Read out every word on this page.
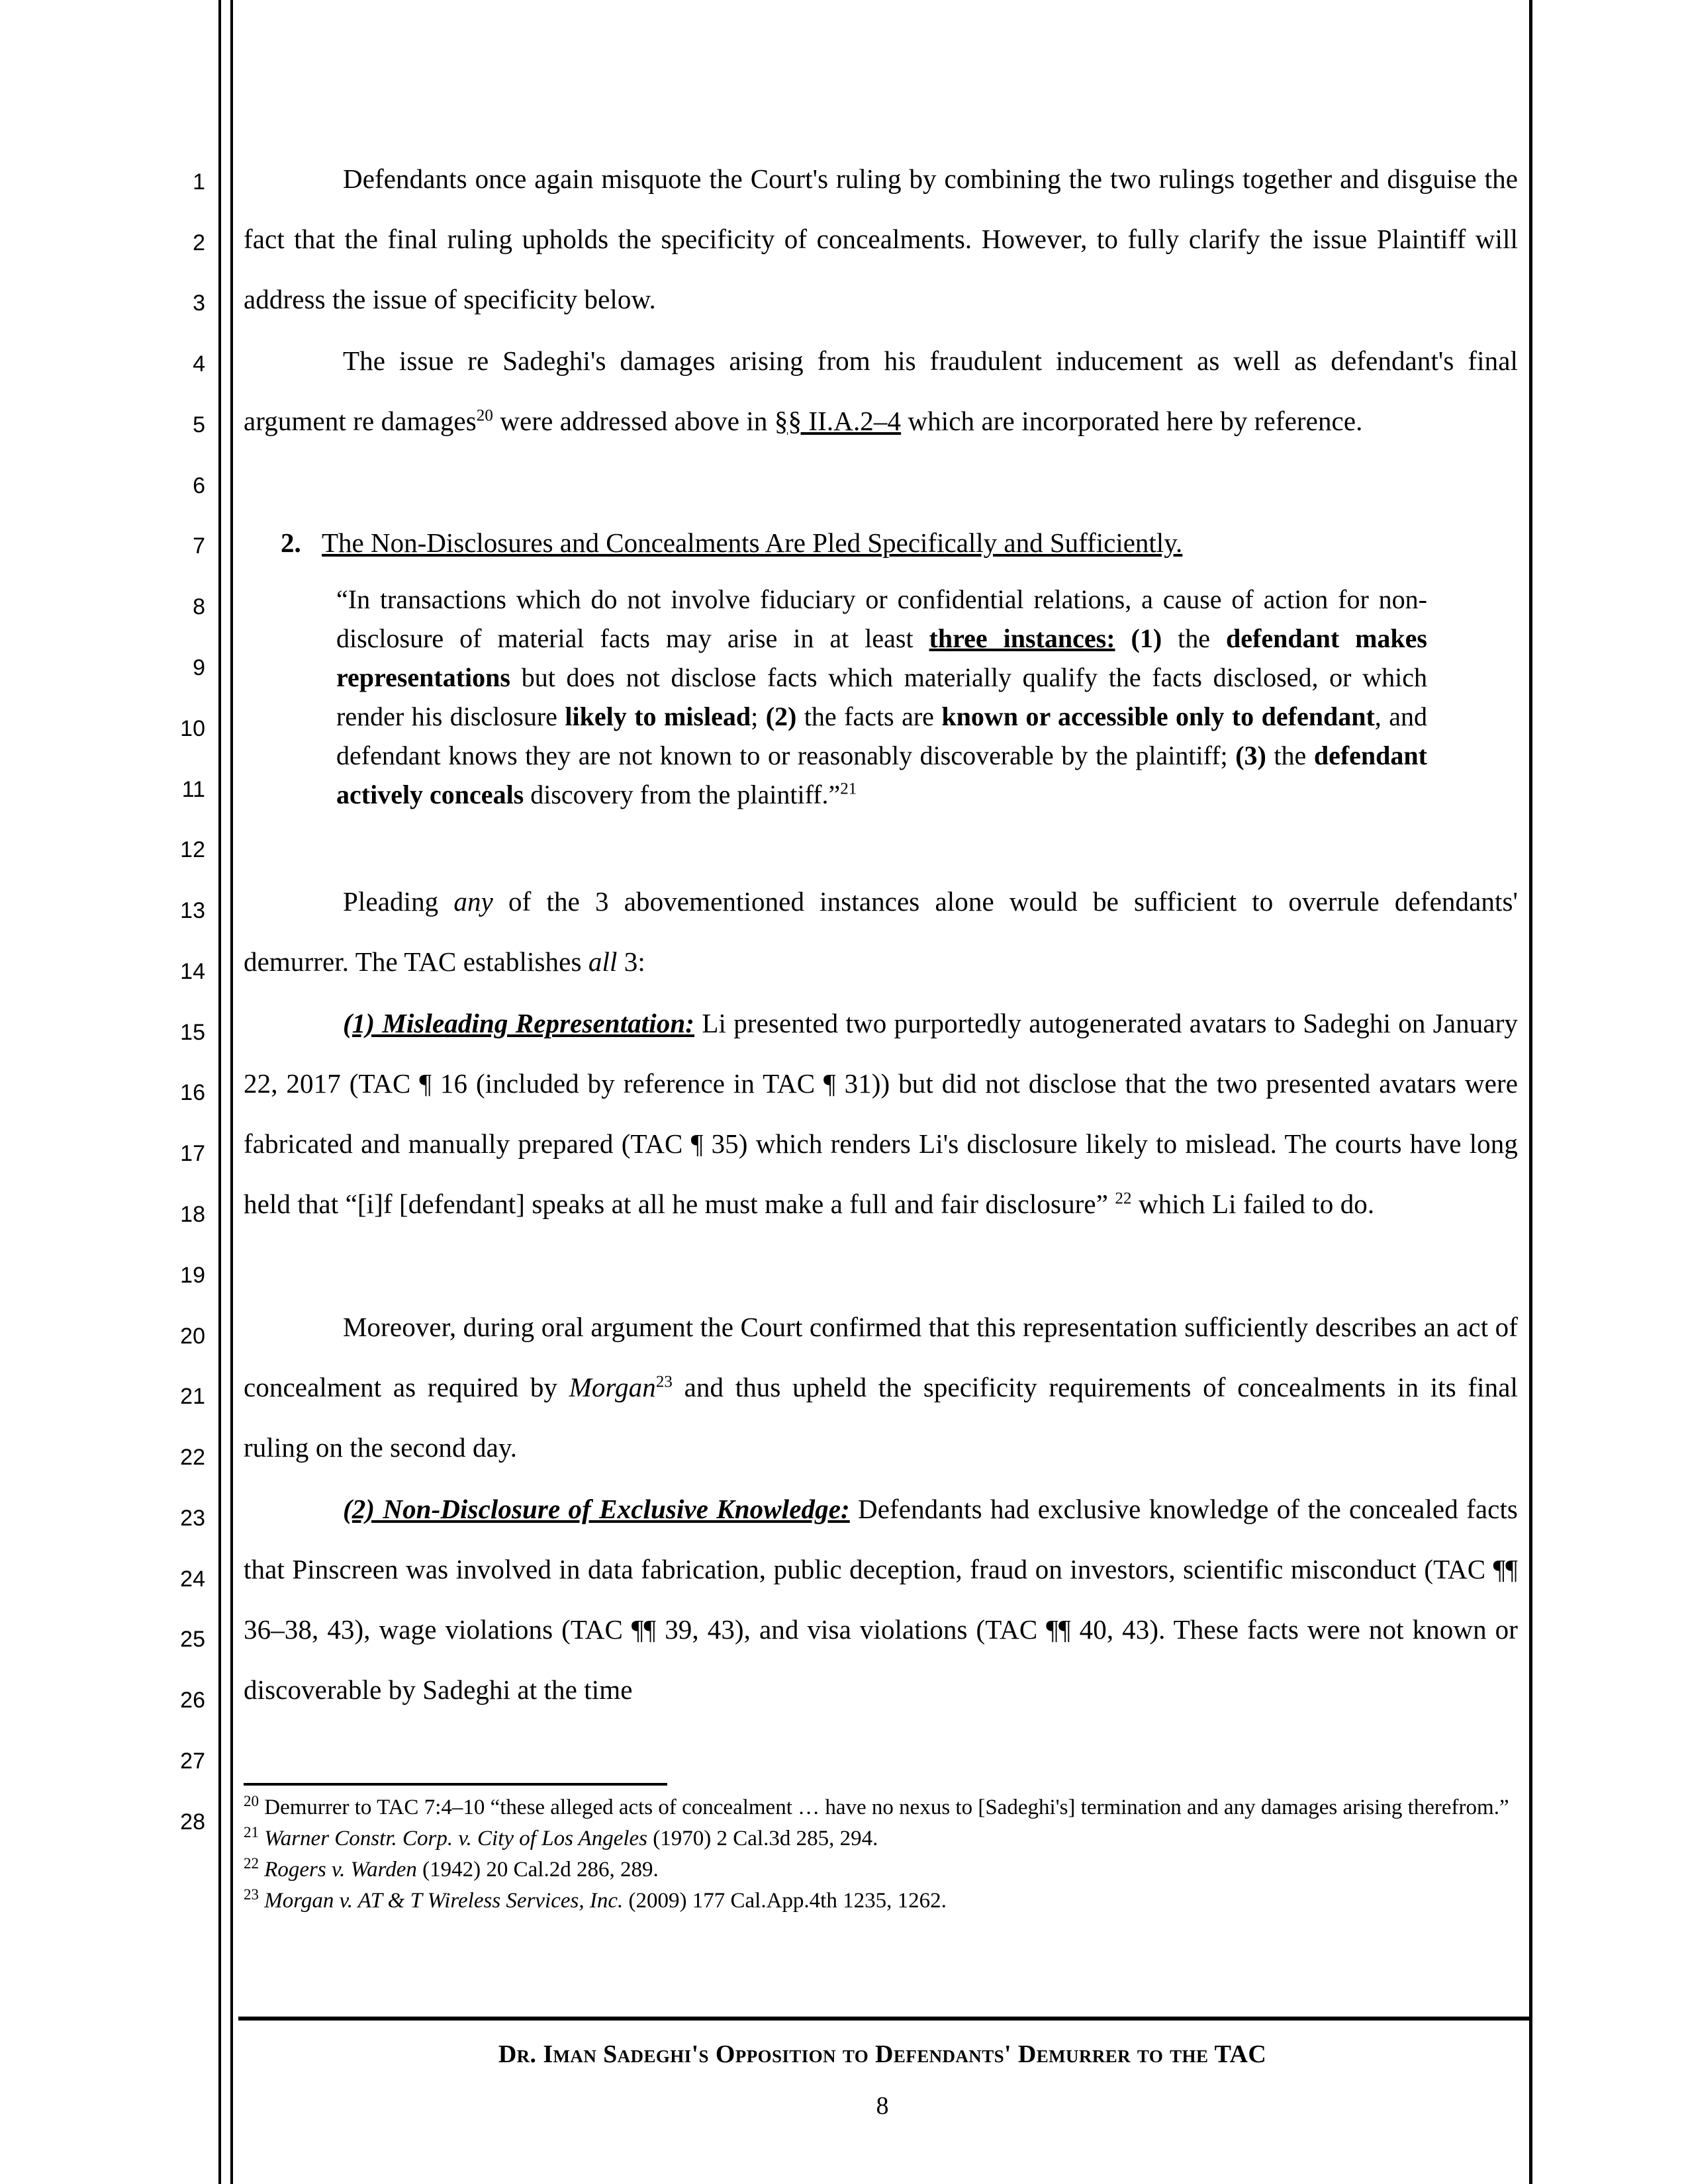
1
2
3
4
5
6
7
8
9
10
11
12
13
14
15
16
17
18
19
20
21
22
23
24
25
26
27
28
Defendants once again misquote the Court's ruling by combining the two rulings together and disguise the fact that the final ruling upholds the specificity of concealments. However, to fully clarify the issue Plaintiff will address the issue of specificity below.
The issue re Sadeghi's damages arising from his fraudulent inducement as well as defendant's final argument re damages$^{20}$ were addressed above in §§ II.A.2–4 which are incorporated here by reference.
2. The Non-Disclosures and Concealments Are Pled Specifically and Sufficiently.
“In transactions which do not involve fiduciary or confidential relations, a cause of action for non-disclosure of material facts may arise in at least three instances: (1) the defendant makes representations but does not disclose facts which materially qualify the facts disclosed, or which render his disclosure likely to mislead; (2) the facts are known or accessible only to defendant, and defendant knows they are not known to or reasonably discoverable by the plaintiff; (3) the defendant actively conceals discovery from the plaintiff.”$^{21}$
Pleading any of the 3 abovementioned instances alone would be sufficient to overrule defendants' demurrer. The TAC establishes all 3:
(1) Misleading Representation: Li presented two purportedly autogenerated avatars to Sadeghi on January 22, 2017 (TAC ¶ 16 (included by reference in TAC ¶ 31)) but did not disclose that the two presented avatars were fabricated and manually prepared (TAC ¶ 35) which renders Li's disclosure likely to mislead. The courts have long held that “[i]f [defendant] speaks at all he must make a full and fair disclosure” $^{22}$ which Li failed to do.
Moreover, during oral argument the Court confirmed that this representation sufficiently describes an act of concealment as required by Morgan$^{23}$ and thus upheld the specificity requirements of concealments in its final ruling on the second day.
(2) Non-Disclosure of Exclusive Knowledge: Defendants had exclusive knowledge of the concealed facts that Pinscreen was involved in data fabrication, public deception, fraud on investors, scientific misconduct (TAC ¶¶ 36–38, 43), wage violations (TAC ¶¶ 39, 43), and visa violations (TAC ¶¶ 40, 43). These facts were not known or discoverable by Sadeghi at the time

$^{20}$ Demurrer to TAC 7:4–10 “these alleged acts of concealment … have no nexus to [Sadeghi's] termination and any damages arising therefrom.”

$^{21}$ Warner Constr. Corp. v. City of Los Angeles (1970) 2 Cal.3d 285, 294.

$^{22}$ Rogers v. Warden (1942) 20 Cal.2d 286, 289.

$^{23}$ Morgan v. AT & T Wireless Services, Inc. (2009) 177 Cal.App.4th 1235, 1262.

Dr. Iman Sadeghi's Opposition to Defendants' Demurrer to the TAC
8
